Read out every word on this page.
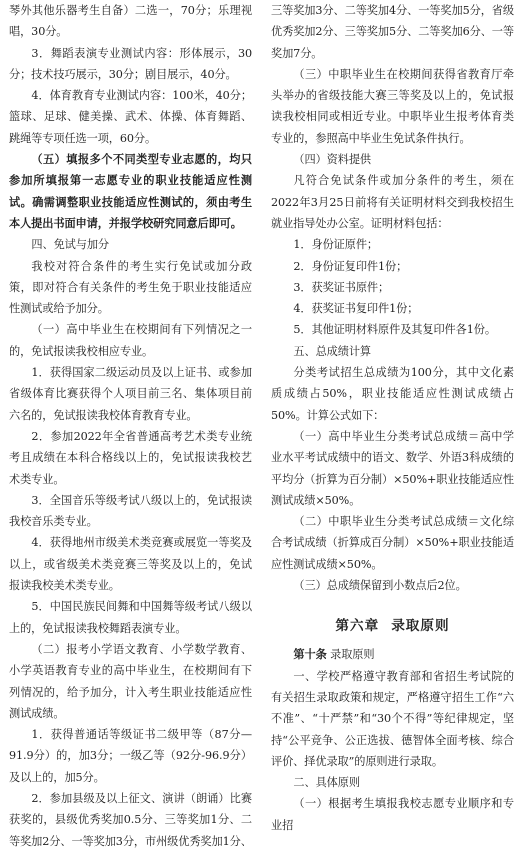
琴外其他乐器考生自备）二选一，70分；乐理视唱，30分。

3．舞蹈表演专业测试内容：形体展示，30分；技术技巧展示，30分；剧目展示，40分。

4．体育教育专业测试内容：100米，40分；篮球、足球、健美操、武术、体操、体育舞蹈、跳绳等专项任选一项，60分。

（五）填报多个不同类型专业志愿的，均只参加所填报第一志愿专业的职业技能适应性测试。确需调整职业技能适应性测试的，须由考生本人提出书面申请，并报学校研究同意后即可。

四、免试与加分

我校对符合条件的考生实行免试或加分政策，即对符合有关条件的考生免于职业技能适应性测试或给予加分。

（一）高中毕业生在校期间有下列情况之一的，免试报读我校相应专业。

1．获得国家二级运动员及以上证书、或参加省级体育比赛获得个人项目前三名、集体项目前六名的，免试报读我校体育教育专业。

2．参加2022年全省普通高考艺术类专业统考且成绩在本科合格线以上的，免试报读我校艺术类专业。

3．全国音乐等级考试八级以上的，免试报读我校音乐类专业。

4．获得地州市级美术类竞赛或展览一等奖及以上，或省级美术类竞赛三等奖及以上的，免试报读我校美术类专业。

5．中国民族民间舞和中国舞等级考试八级以上的，免试报读我校舞蹈表演专业。

（二）报考小学语文教育、小学数学教育、小学英语教育专业的高中毕业生，在校期间有下列情况的，给予加分，计入考生职业技能适应性测试成绩。

1．获得普通话等级证书二级甲等（87分—91.9分）的，加3分；一级乙等（92分-96.9分）及以上的，加5分。

2．参加县级及以上征文、演讲（朗诵）比赛获奖的，县级优秀奖加0.5分、三等奖加1分、二等奖加2分、一等奖加3分，市州级优秀奖加1分、

三等奖加3分、二等奖加4分、一等奖加5分，省级优秀奖加2分、三等奖加5分、二等奖加6分、一等奖加7分。

（三）中职毕业生在校期间获得省教育厅牵头举办的省级技能大赛三等奖及以上的，免试报读我校相同或相近专业。中职毕业生报考体育类专业的，参照高中毕业生免试条件执行。

（四）资料提供

凡符合免试条件或加分条件的考生，须在2022年3月25日前将有关证明材料交到我校招生就业指导处办公室。证明材料包括：

1．身份证原件；

2．身份证复印件1份；

3．获奖证书原件；

4．获奖证书复印件1份；

5．其他证明材料原件及其复印件各1份。

五、总成绩计算

分类考试招生总成绩为100分，其中文化素质成绩占50%，职业技能适应性测试成绩占50%。计算公式如下：

（一）高中毕业生分类考试总成绩＝高中学业水平考试成绩中的语文、数学、外语3科成绩的平均分（折算为百分制）×50%+职业技能适应性测试成绩×50%。

（二）中职毕业生分类考试总成绩＝文化综合考试成绩（折算成百分制）×50%+职业技能适应性测试成绩×50%。

（三）总成绩保留到小数点后2位。

第六章 录取原则

第十条 录取原则

一、学校严格遵守教育部和省招生考试院的有关招生录取政策和规定，严格遵守招生工作“六不准”、“十严禁”和“30个不得”等纪律规定，坚持“公平竞争、公正选拔、德智体全面考核、综合评价、择优录取”的原则进行录取。

二、具体原则

（一）根据考生填报我校志愿专业顺序和专业招
